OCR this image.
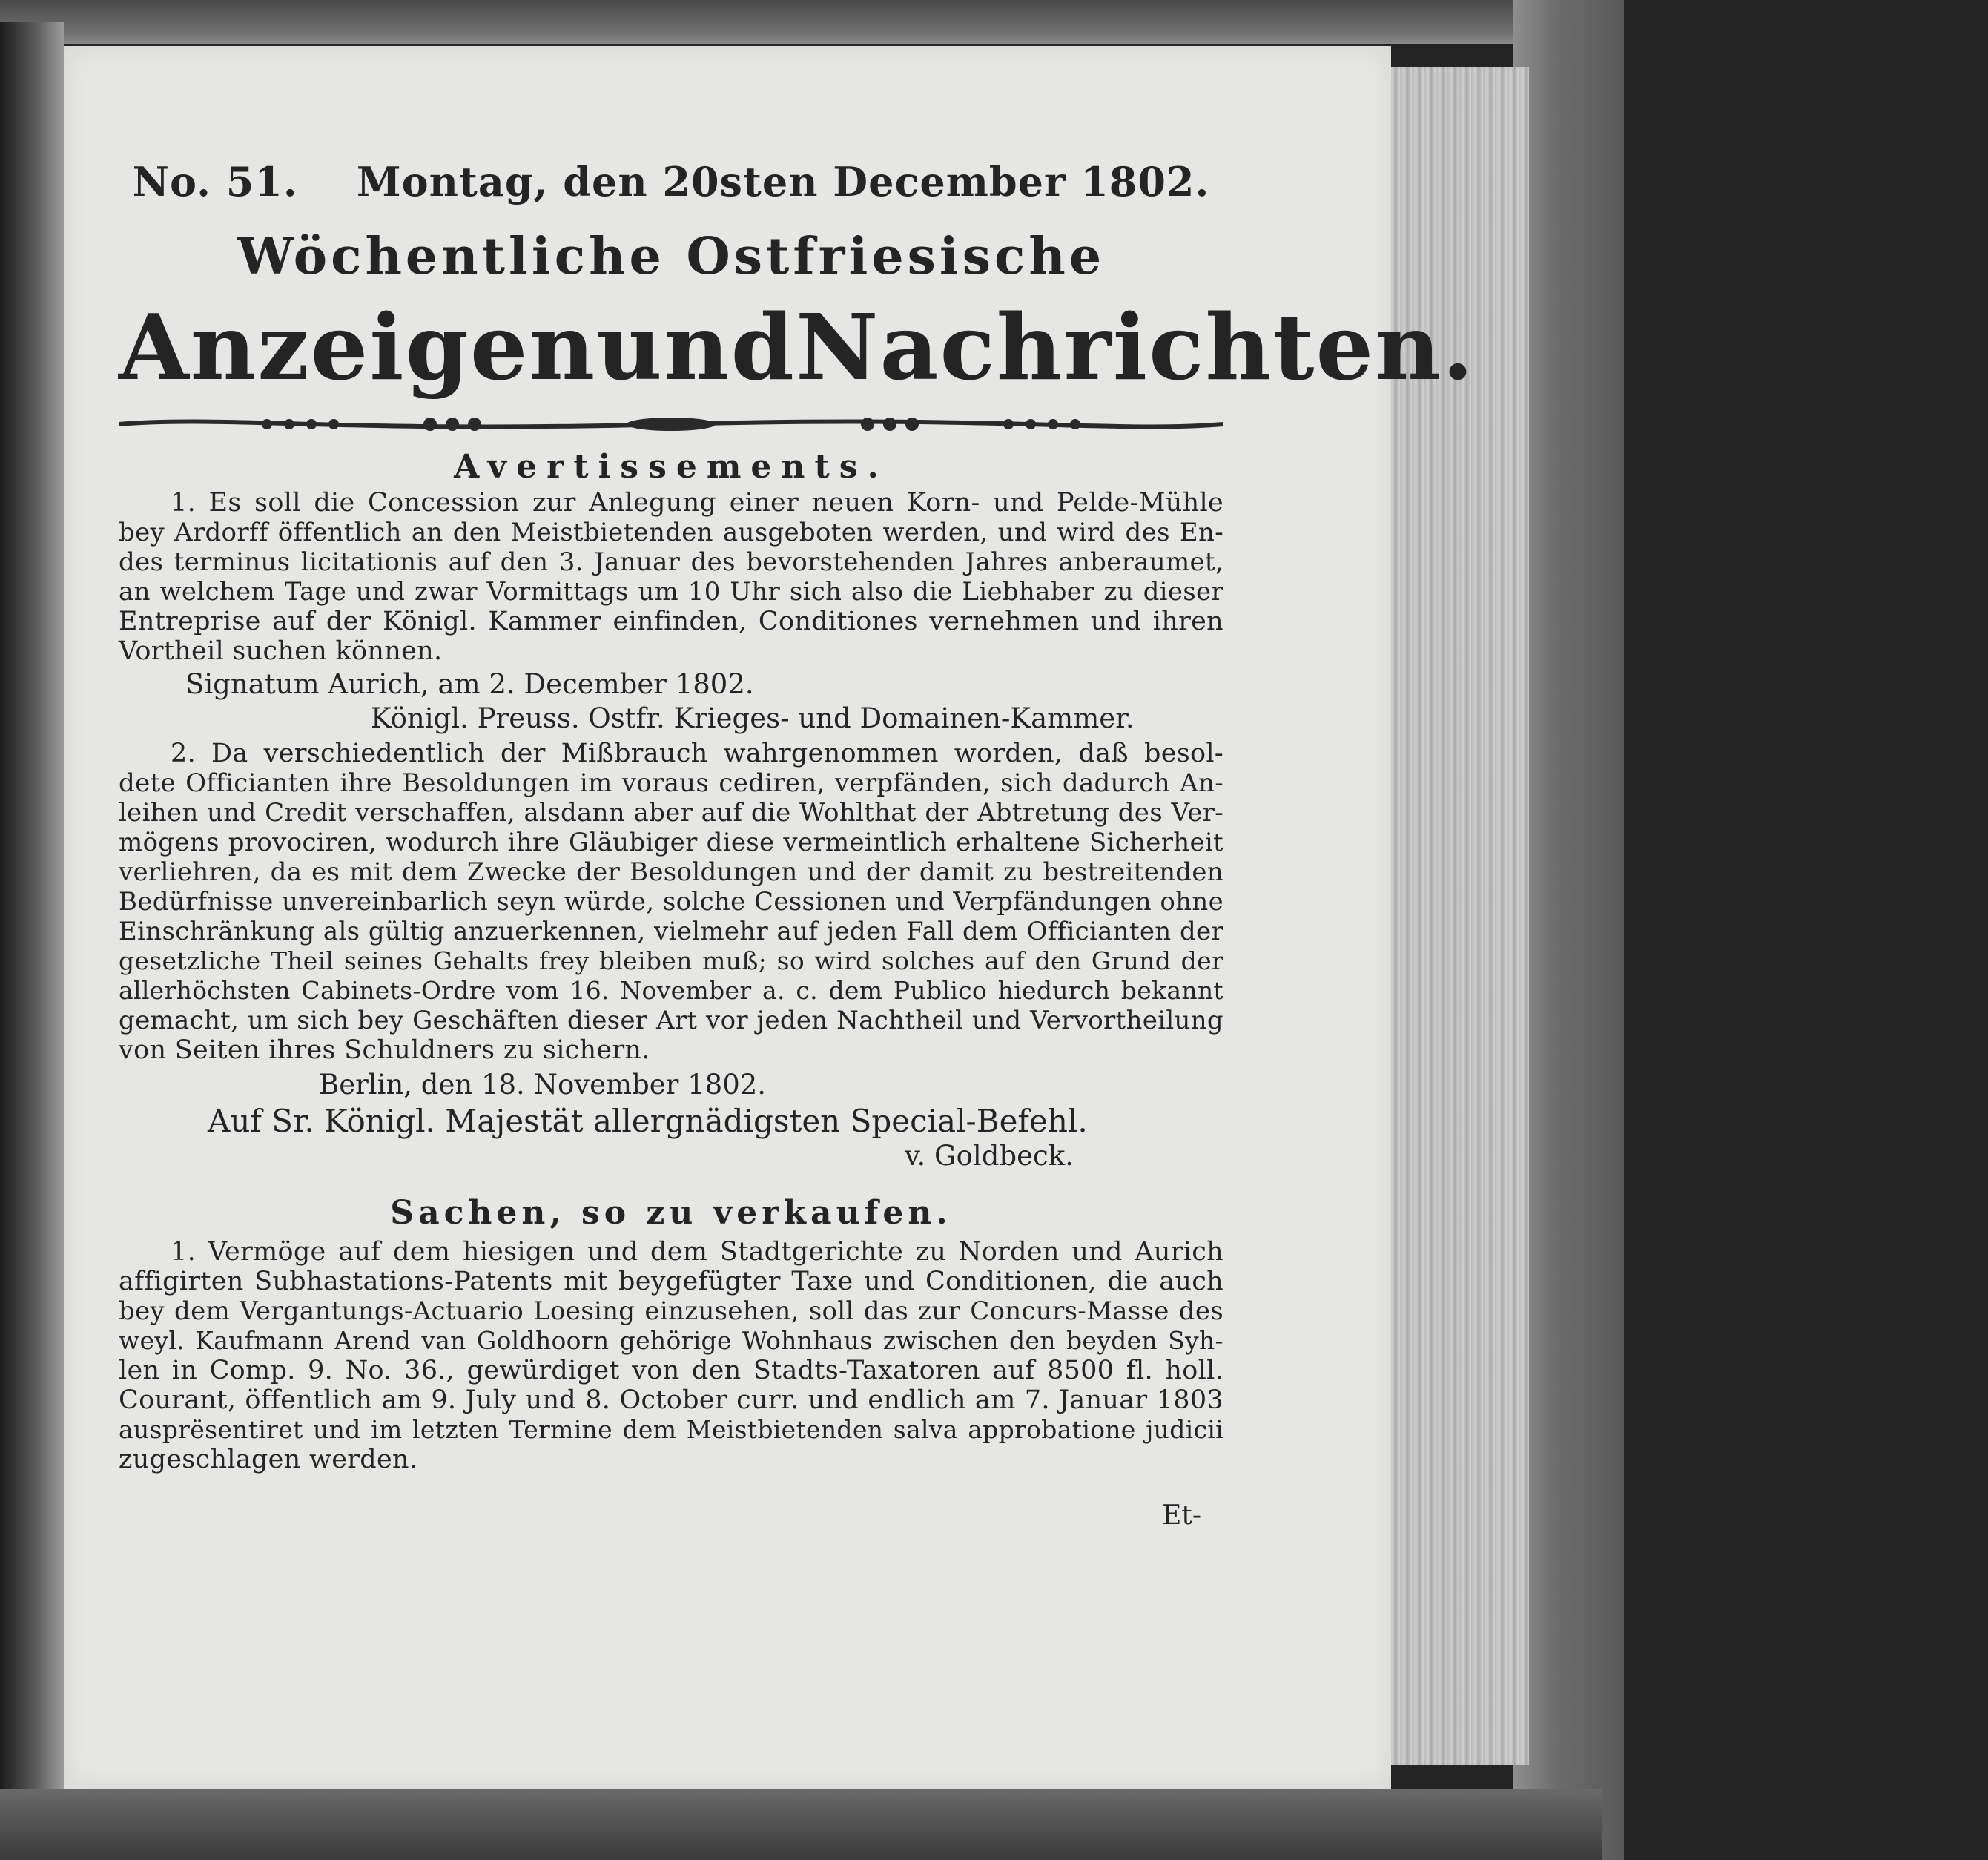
No. 51. Montag, den 20sten December 1802.
Wöchentliche Ostfriesische
Anzeigen und Nachrichten.
Avertissements.
1. Es soll die Concession zur Anlegung einer neuen Korn- und Pelde-Mühle
bey Ardorff öffentlich an den Meistbietenden ausgeboten werden, und wird des En-
des terminus licitationis auf den 3. Januar des bevorstehenden Jahres anberaumet,
an welchem Tage und zwar Vormittags um 10 Uhr sich also die Liebhaber zu dieser
Entreprise auf der Königl. Kammer einfinden, Conditiones vernehmen und ihren
Vortheil suchen können.
Signatum Aurich, am 2. December 1802.
Königl. Preuss. Ostfr. Krieges- und Domainen-Kammer.
2. Da verschiedentlich der Mißbrauch wahrgenommen worden, daß besol-
dete Officianten ihre Besoldungen im voraus cediren, verpfänden, sich dadurch An-
leihen und Credit verschaffen, alsdann aber auf die Wohlthat der Abtretung des Ver-
mögens provociren, wodurch ihre Gläubiger diese vermeintlich erhaltene Sicherheit
verliehren, da es mit dem Zwecke der Besoldungen und der damit zu bestreitenden
Bedürfnisse unvereinbarlich seyn würde, solche Cessionen und Verpfändungen ohne
Einschränkung als gültig anzuerkennen, vielmehr auf jeden Fall dem Officianten der
gesetzliche Theil seines Gehalts frey bleiben muß; so wird solches auf den Grund der
allerhöchsten Cabinets-Ordre vom 16. November a. c. dem Publico hiedurch bekannt
gemacht, um sich bey Geschäften dieser Art vor jeden Nachtheil und Vervortheilung
von Seiten ihres Schuldners zu sichern.
Berlin, den 18. November 1802.
Auf Sr. Königl. Majestät allergnädigsten Special-Befehl.
v. Goldbeck.
Sachen, so zu verkaufen.
1. Vermöge auf dem hiesigen und dem Stadtgerichte zu Norden und Aurich
affigirten Subhastations-Patents mit beygefügter Taxe und Conditionen, die auch
bey dem Vergantungs-Actuario Loesing einzusehen, soll das zur Concurs-Masse des
weyl. Kaufmann Arend van Goldhoorn gehörige Wohnhaus zwischen den beyden Syh-
len in Comp. 9. No. 36., gewürdiget von den Stadts-Taxatoren auf 8500 fl. holl.
Courant, öffentlich am 9. July und 8. October curr. und endlich am 7. Januar 1803
ausprësentiret und im letzten Termine dem Meistbietenden salva approbatione judicii
zugeschlagen werden.
Et-
